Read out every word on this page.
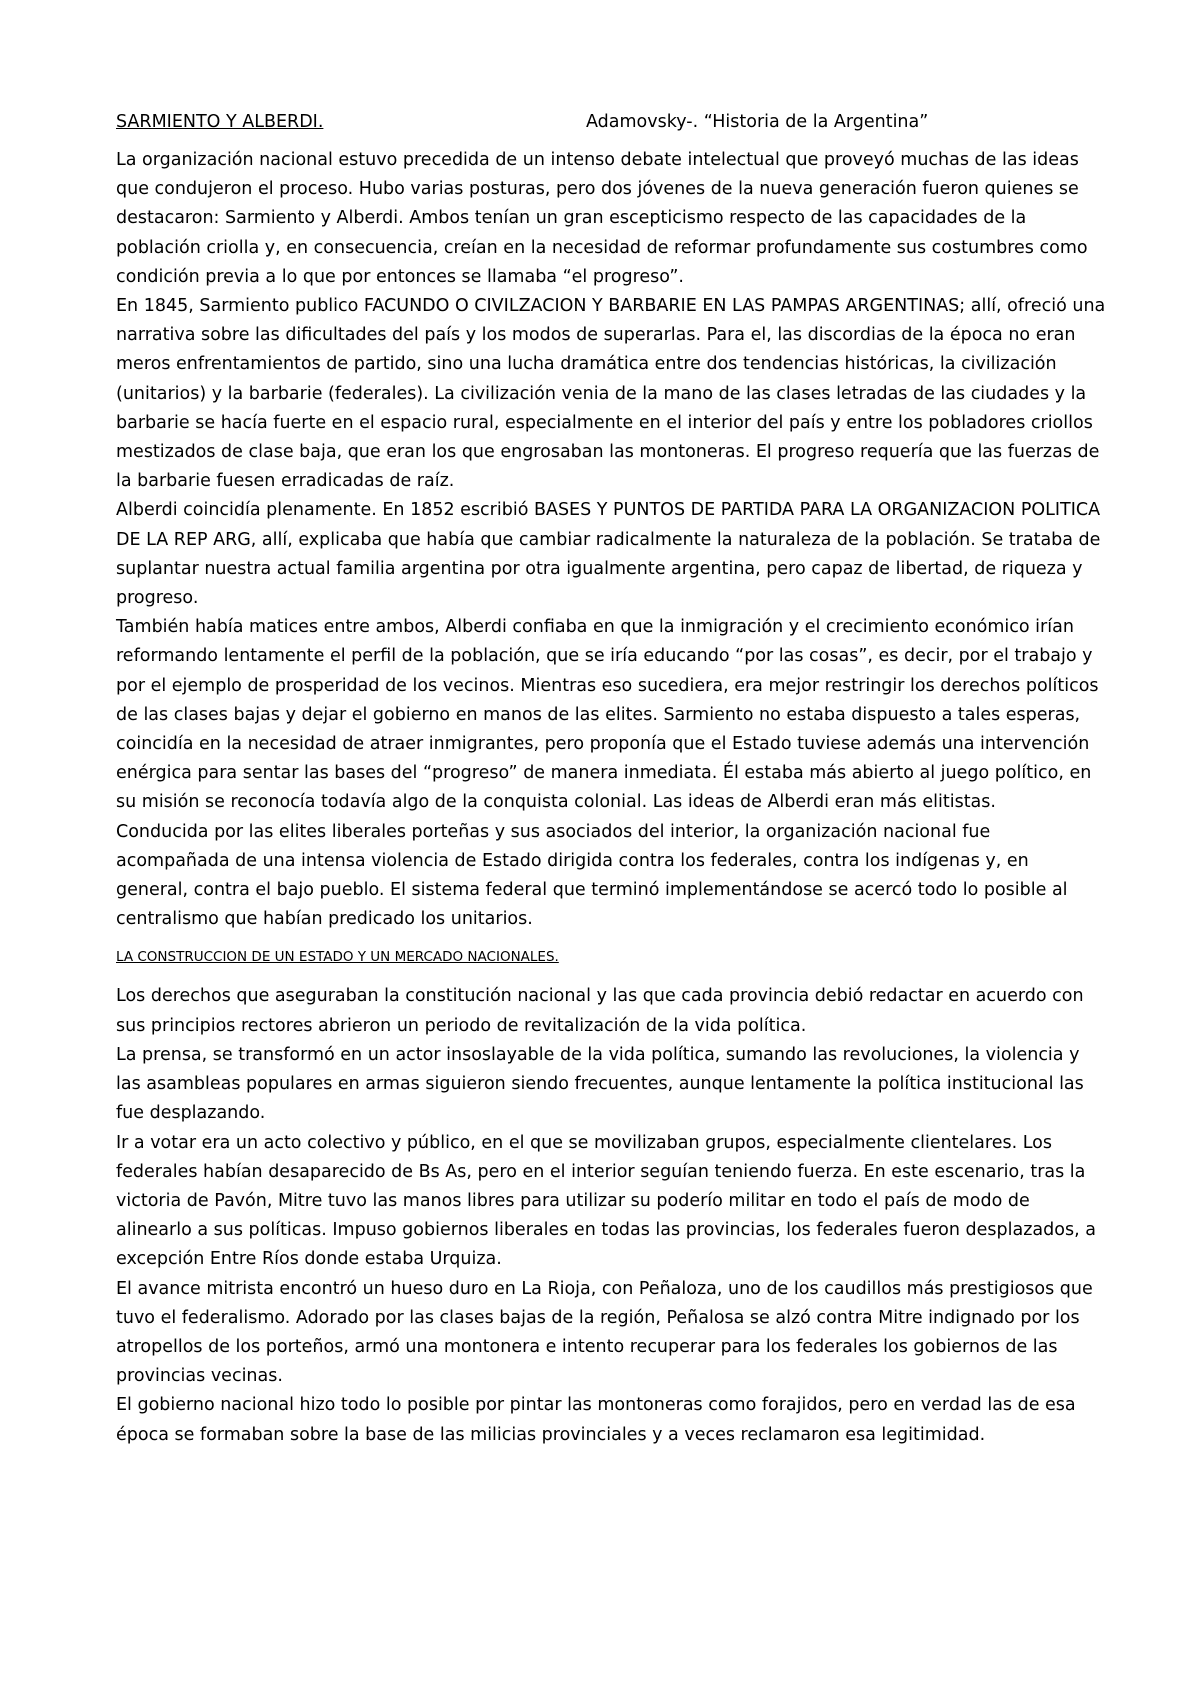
SARMIENTO Y ALBERDI.	Adamovsky-. “Historia de la Argentina”

La organización nacional estuvo precedida de un intenso debate intelectual que proveyó muchas de las ideas que condujeron el proceso. Hubo varias posturas, pero dos jóvenes de la nueva generación fueron quienes se destacaron: Sarmiento y Alberdi. Ambos tenían un gran escepticismo respecto de las capacidades de la población criolla y, en consecuencia, creían en la necesidad de reformar profundamente sus costumbres como condición previa a lo que por entonces se llamaba “el progreso”.

En 1845, Sarmiento publico FACUNDO O CIVILZACION Y BARBARIE EN LAS PAMPAS ARGENTINAS; allí, ofreció una narrativa sobre las dificultades del país y los modos de superarlas. Para el, las discordias de la época no eran meros enfrentamientos de partido, sino una lucha dramática entre dos tendencias históricas, la civilización (unitarios) y la barbarie (federales). La civilización venia de la mano de las clases letradas de las ciudades y la barbarie se hacía fuerte en el espacio rural, especialmente en el interior del país y entre los pobladores criollos mestizados de clase baja, que eran los que engrosaban las montoneras. El progreso requería que las fuerzas de la barbarie fuesen erradicadas de raíz.

Alberdi coincidía plenamente. En 1852 escribió BASES Y PUNTOS DE PARTIDA PARA LA ORGANIZACION POLITICA DE LA REP ARG, allí, explicaba que había que cambiar radicalmente la naturaleza de la población. Se trataba de suplantar nuestra actual familia argentina por otra igualmente argentina, pero capaz de libertad, de riqueza y progreso.

También había matices entre ambos, Alberdi confiaba en que la inmigración y el crecimiento económico irían reformando lentamente el perfil de la población, que se iría educando “por las cosas”, es decir, por el trabajo y por el ejemplo de prosperidad de los vecinos. Mientras eso sucediera, era mejor restringir los derechos políticos de las clases bajas y dejar el gobierno en manos de las elites. Sarmiento no estaba dispuesto a tales esperas, coincidía en la necesidad de atraer inmigrantes, pero proponía que el Estado tuviese además una intervención enérgica para sentar las bases del “progreso” de manera inmediata. Él estaba más abierto al juego político, en su misión se reconocía todavía algo de la conquista colonial. Las ideas de Alberdi eran más elitistas.

Conducida por las elites liberales porteñas y sus asociados del interior, la organización nacional fue acompañada de una intensa violencia de Estado dirigida contra los federales, contra los indígenas y, en general, contra el bajo pueblo. El sistema federal que terminó implementándose se acercó todo lo posible al centralismo que habían predicado los unitarios.

LA CONSTRUCCION DE UN ESTADO Y UN MERCADO NACIONALES.

Los derechos que aseguraban la constitución nacional y las que cada provincia debió redactar en acuerdo con sus principios rectores abrieron un periodo de revitalización de la vida política.

La prensa, se transformó en un actor insoslayable de la vida política, sumando las revoluciones, la violencia y las asambleas populares en armas siguieron siendo frecuentes, aunque lentamente la política institucional las fue desplazando.

Ir a votar era un acto colectivo y público, en el que se movilizaban grupos, especialmente clientelares. Los federales habían desaparecido de Bs As, pero en el interior seguían teniendo fuerza. En este escenario, tras la victoria de Pavón, Mitre tuvo las manos libres para utilizar su poderío militar en todo el país de modo de alinearlo a sus políticas. Impuso gobiernos liberales en todas las provincias, los federales fueron desplazados, a excepción Entre Ríos donde estaba Urquiza.

El avance mitrista encontró un hueso duro en La Rioja, con Peñaloza, uno de los caudillos más prestigiosos que tuvo el federalismo. Adorado por las clases bajas de la región, Peñalosa se alzó contra Mitre indignado por los atropellos de los porteños, armó una montonera e intento recuperar para los federales los gobiernos de las provincias vecinas.

El gobierno nacional hizo todo lo posible por pintar las montoneras como forajidos, pero en verdad las de esa época se formaban sobre la base de las milicias provinciales y a veces reclamaron esa legitimidad.
